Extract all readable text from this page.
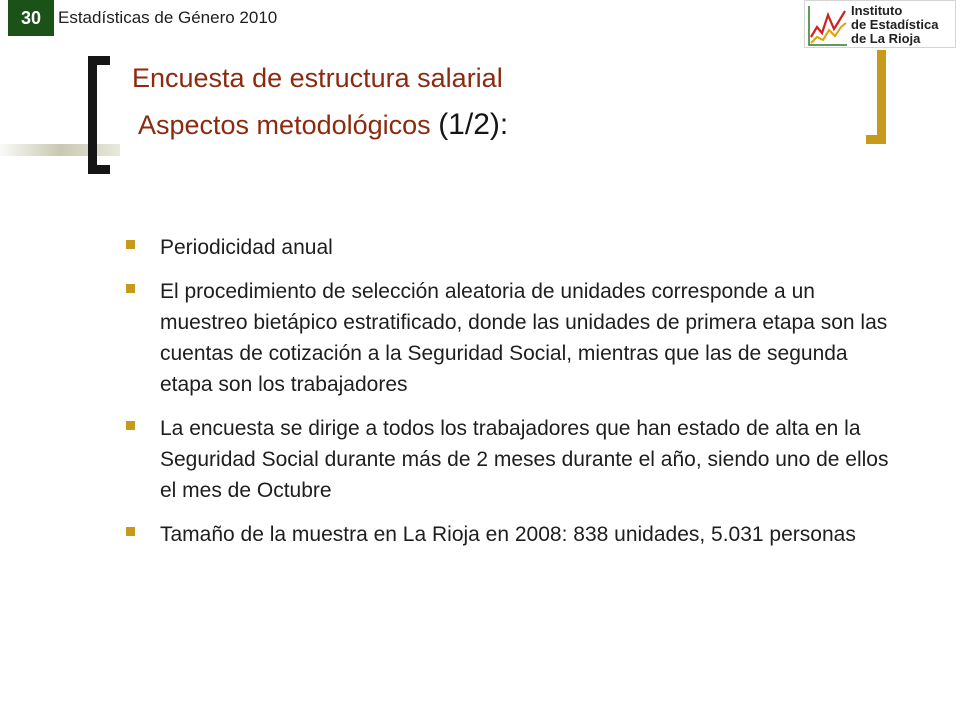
30 Estadísticas de Género 2010	Instituto
de Estadística
de La Rioja
Encuesta de estructura salarial
Aspectos metodológicos (1/2):
Periodicidad anual
El procedimiento de selección aleatoria de unidades corresponde a un muestreo bietápico estratificado, donde las unidades de primera etapa son las cuentas de cotización a la Seguridad Social, mientras que las de segunda etapa son los trabajadores
La encuesta se dirige a todos los trabajadores que han estado de alta en la Seguridad Social durante más de 2 meses durante el año, siendo uno de ellos el mes de Octubre
Tamaño de la muestra en La Rioja en 2008: 838 unidades, 5.031 personas
